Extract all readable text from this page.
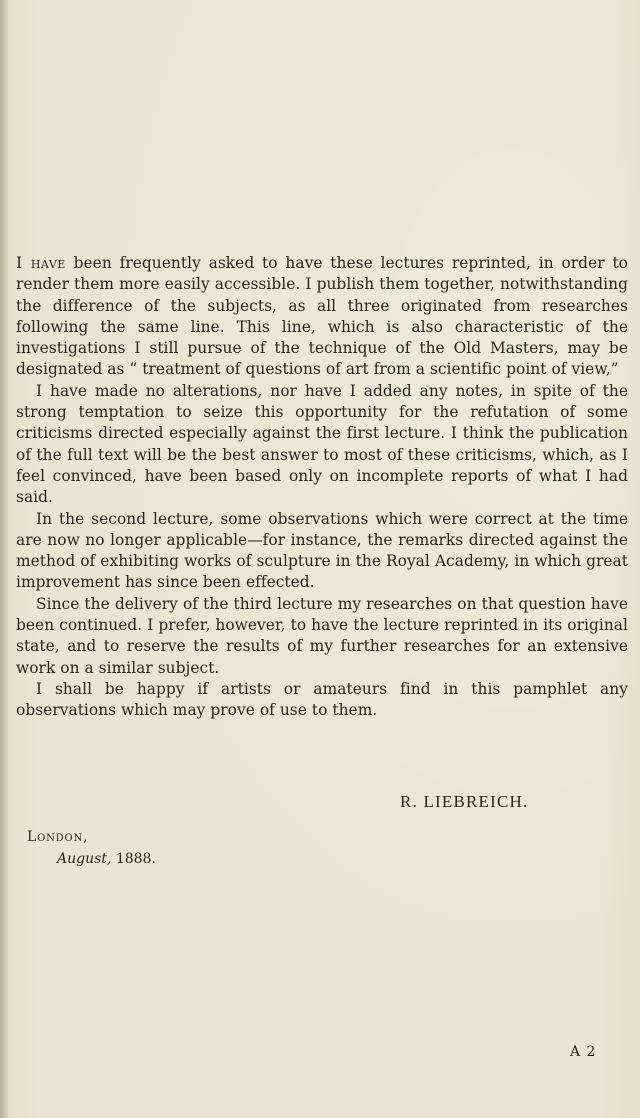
I have been frequently asked to have these lectures reprinted, in order to render them more easily accessible. I publish them together, notwithstanding the difference of the subjects, as all three originated from researches following the same line. This line, which is also characteristic of the investigations I still pursue of the technique of the Old Masters, may be designated as “ treatment of questions of art from a scientific point of view,”

I have made no alterations, nor have I added any notes, in spite of the strong temptation to seize this opportunity for the refutation of some criticisms directed especially against the first lecture. I think the publication of the full text will be the best answer to most of these criticisms, which, as I feel convinced, have been based only on incomplete reports of what I had said.

In the second lecture, some observations which were correct at the time are now no longer applicable—for instance, the remarks directed against the method of exhibiting works of sculpture in the Royal Academy, in which great improvement has since been effected.

Since the delivery of the third lecture my researches on that question have been continued. I prefer, however, to have the lecture reprinted in its original state, and to reserve the results of my further researches for an extensive work on a similar subject.

I shall be happy if artists or amateurs find in this pamphlet any observations which may prove of use to them.

R. LIEBREICH.
London,
August, 1888.
A 2
